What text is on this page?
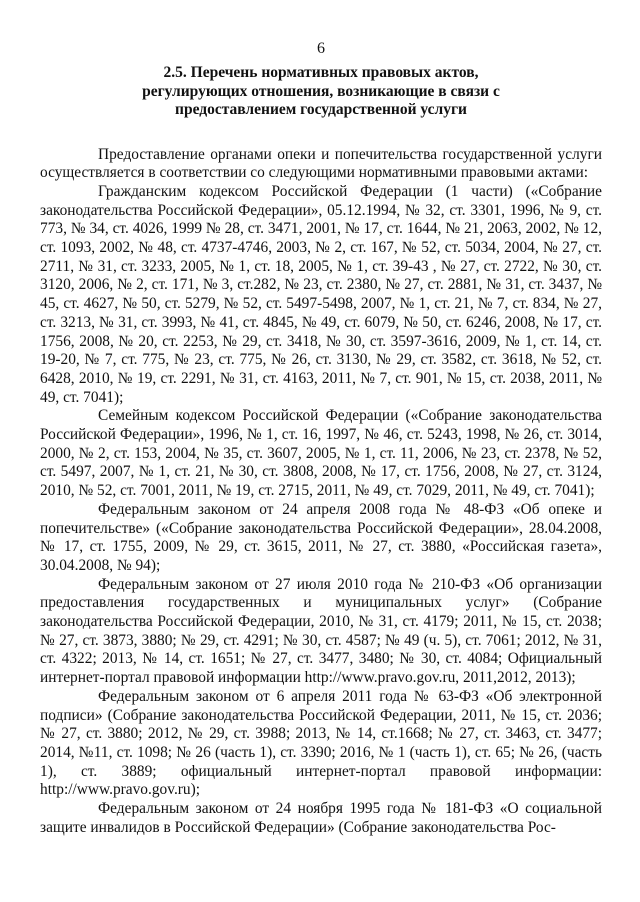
6
2.5. Перечень нормативных правовых актов, регулирующих отношения, возникающие в связи с предоставлением государственной услуги

Предоставление органами опеки и попечительства государственной услуги осуществляется в соответствии со следующими нормативными правовыми актами:

Гражданским кодексом Российской Федерации (1 части) («Собрание законодательства Российской Федерации», 05.12.1994, № 32, ст. 3301, 1996, № 9, ст. 773, № 34, ст. 4026, 1999 № 28, ст. 3471, 2001, № 17, ст. 1644, № 21, 2063, 2002, № 12, ст. 1093, 2002, № 48, ст. 4737-4746, 2003, № 2, ст. 167, № 52, ст. 5034, 2004, № 27, ст. 2711, № 31, ст. 3233, 2005, № 1, ст. 18, 2005, № 1, ст. 39-43 , № 27, ст. 2722, № 30, ст. 3120, 2006, № 2, ст. 171, № 3, ст.282, № 23, ст. 2380, № 27, ст. 2881, № 31, ст. 3437, № 45, ст. 4627, № 50, ст. 5279, № 52, ст. 5497-5498, 2007, № 1, ст. 21, № 7, ст. 834, № 27, ст. 3213, № 31, ст. 3993, № 41, ст. 4845, № 49, ст. 6079, № 50, ст. 6246, 2008, № 17, ст. 1756, 2008, № 20, ст. 2253, № 29, ст. 3418, № 30, ст. 3597-3616, 2009, № 1, ст. 14, ст. 19-20, № 7, ст. 775, № 23, ст. 775, № 26, ст. 3130, № 29, ст. 3582, ст. 3618, № 52, ст. 6428, 2010, № 19, ст. 2291, № 31, ст. 4163, 2011, № 7, ст. 901, № 15, ст. 2038, 2011, № 49, ст. 7041);

Семейным кодексом Российской Федерации («Собрание законодательства Российской Федерации», 1996, № 1, ст. 16, 1997, № 46, ст. 5243, 1998, № 26, ст. 3014, 2000, № 2, ст. 153, 2004, № 35, ст. 3607, 2005, № 1, ст. 11, 2006, № 23, ст. 2378, № 52, ст. 5497, 2007, № 1, ст. 21, № 30, ст. 3808, 2008, № 17, ст. 1756, 2008, № 27, ст. 3124, 2010, № 52, ст. 7001, 2011, № 19, ст. 2715, 2011, № 49, ст. 7029, 2011, № 49, ст. 7041);

Федеральным законом от 24 апреля 2008 года № 48-ФЗ «Об опеке и попечительстве» («Собрание законодательства Российской Федерации», 28.04.2008, № 17, ст. 1755, 2009, № 29, ст. 3615, 2011, № 27, ст. 3880, «Российская газета», 30.04.2008, № 94);

Федеральным законом от 27 июля 2010 года № 210-ФЗ «Об организации предоставления государственных и муниципальных услуг» (Собрание законодательства Российской Федерации, 2010, № 31, ст. 4179; 2011, № 15, ст. 2038; № 27, ст. 3873, 3880; № 29, ст. 4291; № 30, ст. 4587; № 49 (ч. 5), ст. 7061; 2012, № 31, ст. 4322; 2013, № 14, ст. 1651; № 27, ст. 3477, 3480; № 30, ст. 4084; Официальный интернет-портал правовой информации http://www.pravo.gov.ru, 2011,2012, 2013);

Федеральным законом от 6 апреля 2011 года № 63-ФЗ «Об электронной подписи» (Собрание законодательства Российской Федерации, 2011, № 15, ст. 2036; № 27, ст. 3880; 2012, № 29, ст. 3988; 2013, № 14, ст.1668; № 27, ст. 3463, ст. 3477; 2014, №11, ст. 1098; № 26 (часть 1), ст. 3390; 2016, № 1 (часть 1), ст. 65; № 26, (часть 1), ст. 3889; официальный интернет-портал правовой информации: http://www.pravo.gov.ru);

Федеральным законом от 24 ноября 1995 года № 181-ФЗ «О социальной защите инвалидов в Российской Федерации» (Собрание законодательства Рос-
